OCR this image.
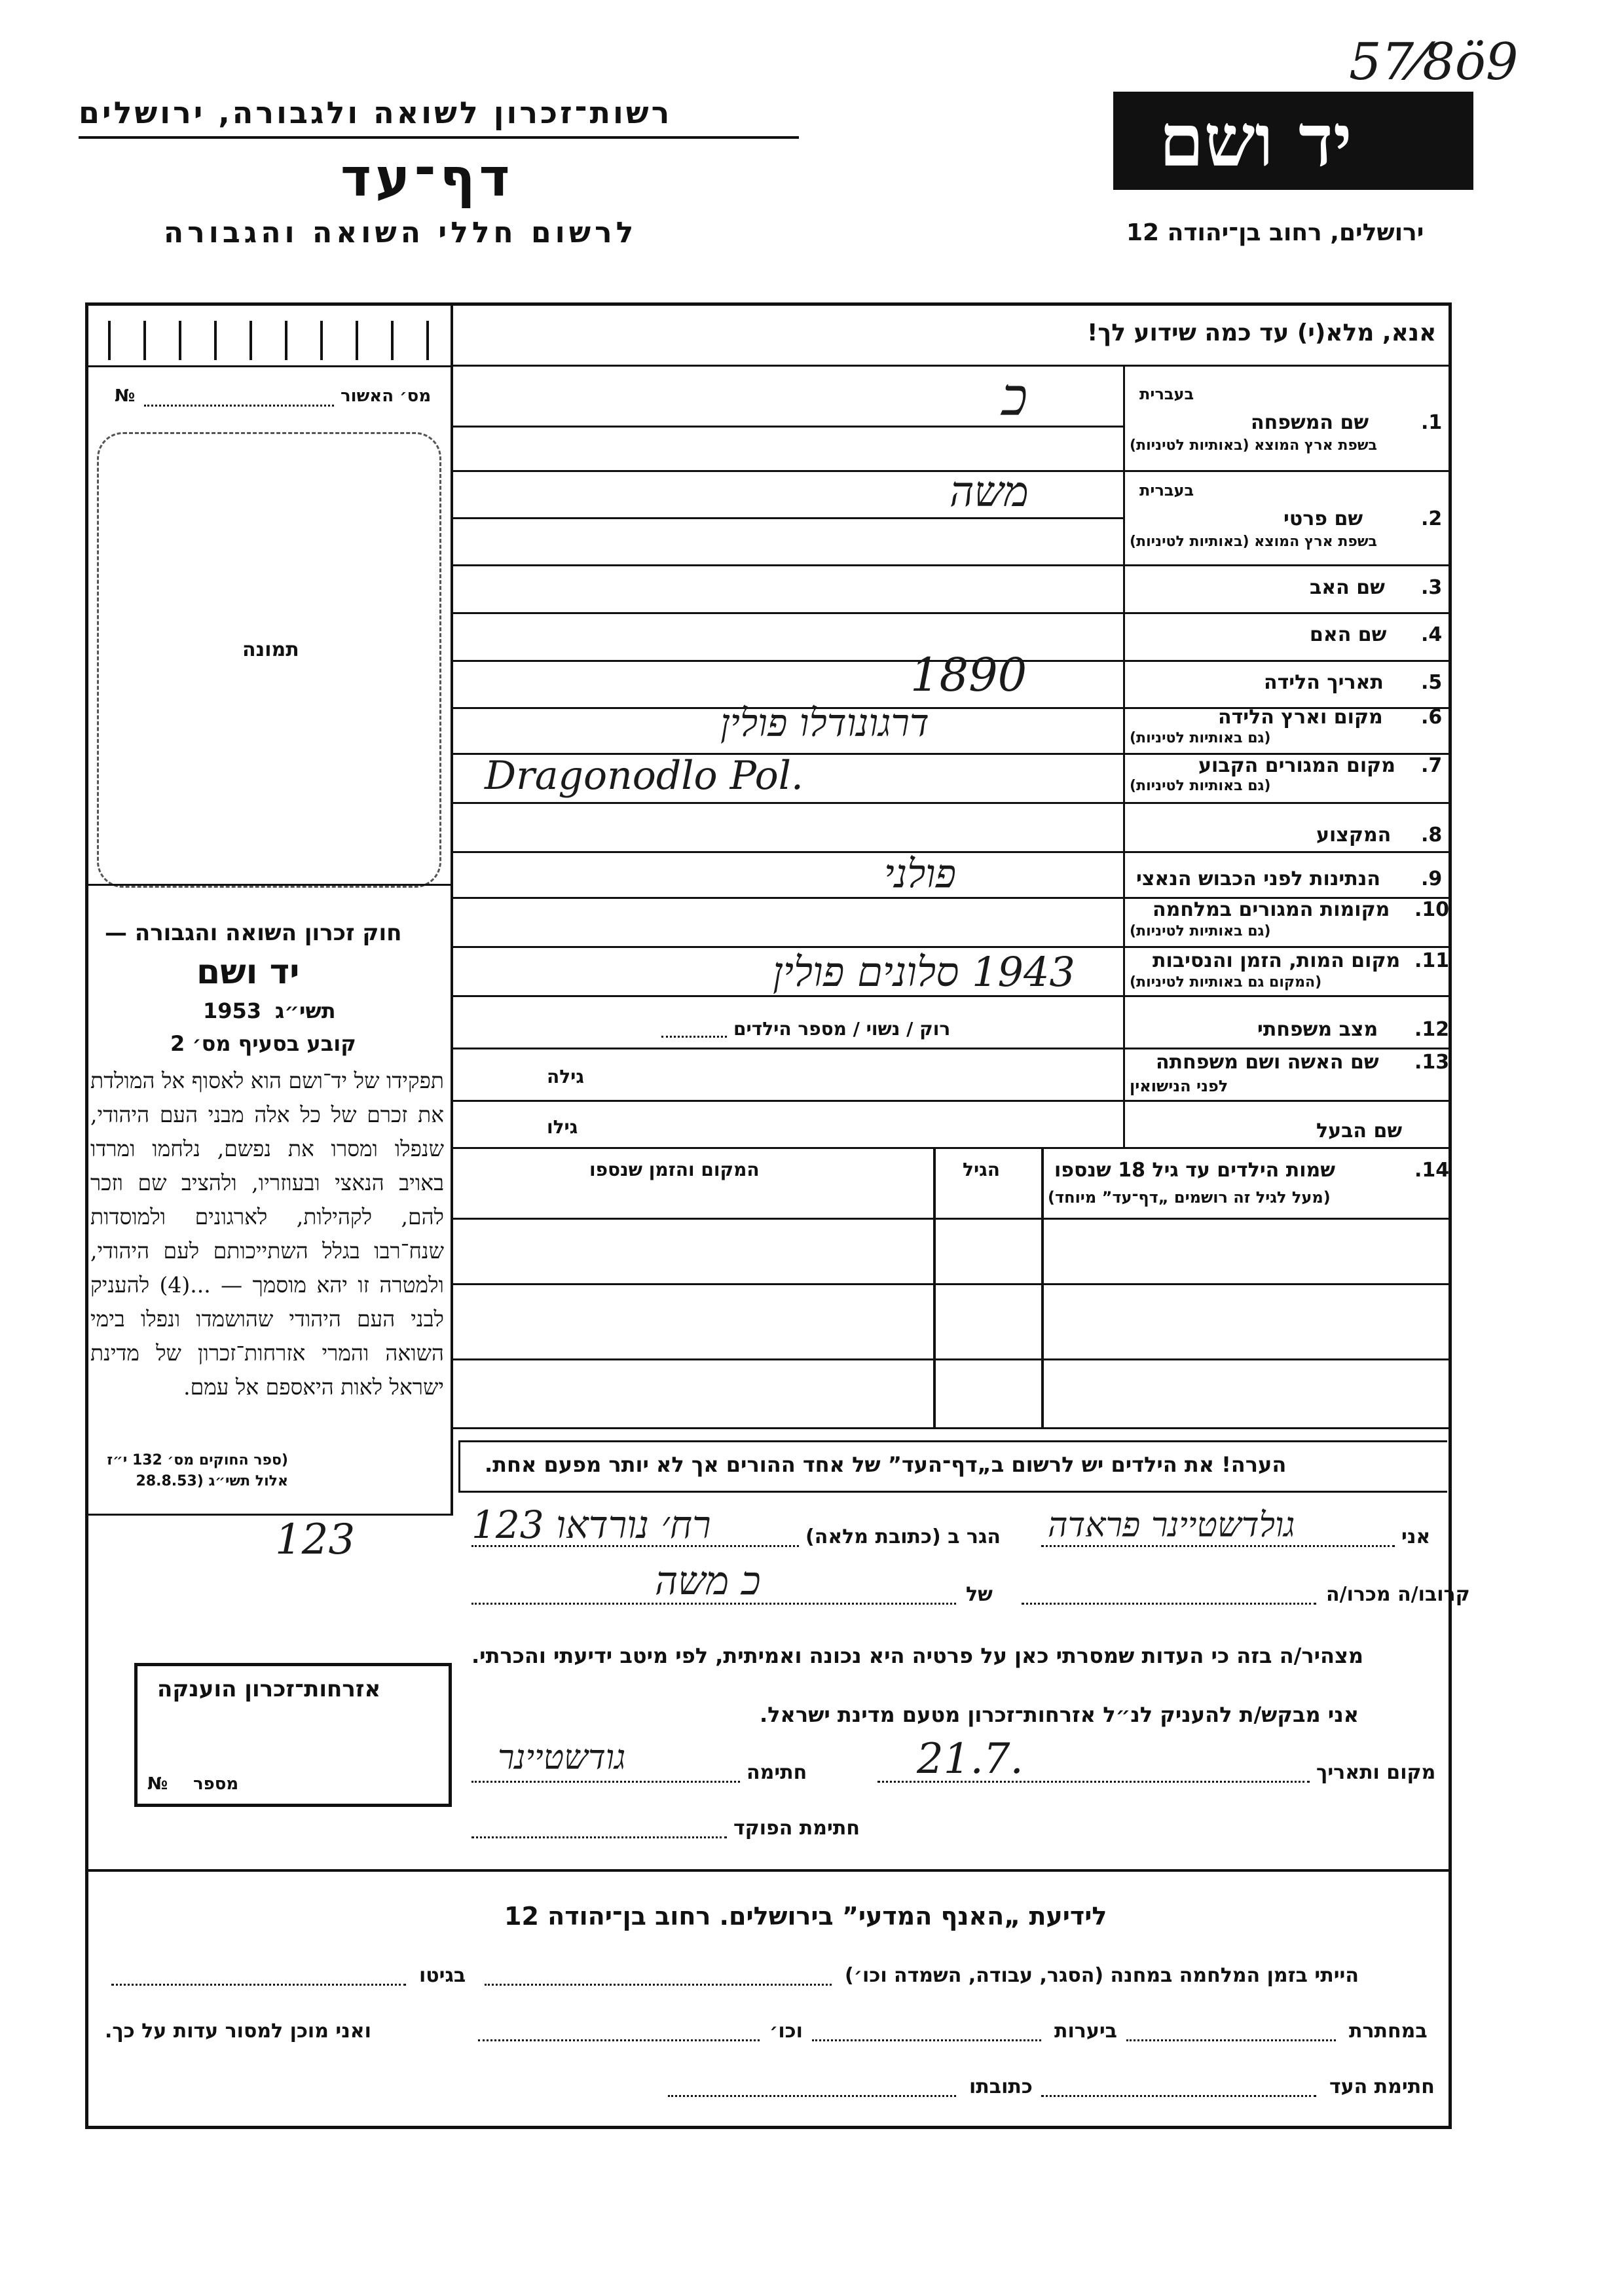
57⁄8ö9
רשות־זכרון לשואה ולגבורה, ירושלים
דף־עד
לרשום חללי השואה והגבורה
יד ושם
ירושלים, רחוב בן־יהודה 12
אנא, מלא(י) עד כמה שידוע לך!
מס׳ האשור
№
תמונה
בעברית
1.
שם המשפחה
בשפת ארץ המוצא (באותיות לטיניות)
כ
בעברית
2.
שם פרטי
בשפת ארץ המוצא (באותיות לטיניות)
משה
3.
שם האב
4.
שם האם
5.
תאריך הלידה
1890
6.
מקום וארץ הלידה
(גם באותיות לטיניות)
דרגונודלו פולין
7.
מקום המגורים הקבוע
(גם באותיות לטיניות)
Dragonodlo Pol.
8.
המקצוע
9.
הנתינות לפני הכבוש הנאצי
פולני
10.
מקומות המגורים במלחמה
(גם באותיות לטיניות)
11.
מקום המות, הזמן והנסיבות
(המקום גם באותיות לטיניות)
1943 סלונים פולין
12.
מצב משפחתי
רוק / נשוי / מספר הילדים
13.
שם האשה ושם משפחתה
לפני הנישואין
גילה
שם הבעל
גילו
14.
שמות הילדים עד גיל 18 שנספו
(מעל לגיל זה רושמים „דף־עד” מיוחד)
הגיל
המקום והזמן שנספו
הערה! את הילדים יש לרשום ב„דף־העד” של אחד ההורים אך לא יותר מפעם אחת.
חוק זכרון השואה והגבורה —
יד ושם
תשי״ג
1953
קובע בסעיף מס׳ 2
תפקידו של יד־ושם הוא לאסוף אל המולדת את זכרם של כל אלה מבני העם היהודי, שנפלו ומסרו את נפשם, נלחמו ומרדו באויב הנאצי ובעוזריו, ולהציב שם וזכר להם, לקהילות, לארגונים ולמוסדות שנח־רבו בגלל השתייכותם לעם היהודי, ולמטרה זו יהא מוסמך — ...(4) להעניק לבני העם היהודי שהושמדו ונפלו בימי השואה והמרי אזרחות־זכרון של מדינת ישראל לאות היאספם אל עמם.
(ספר החוקים מס׳ 132 י״ז אלול תשי״ג (28.8.53
123
אזרחות־זכרון הוענקה
מספר
№
אני
גולדשטיינר פראדה
הגר ב (כתובת מלאה)
רח׳ נורדאו 123
קרובו/ה מכרו/ה
של
כ משה
מצהיר/ה בזה כי העדות שמסרתי כאן על פרטיה היא נכונה ואמיתית, לפי מיטב ידיעתי והכרתי.
אני מבקש/ת להעניק לנ״ל אזרחות־זכרון מטעם מדינת ישראל.
מקום ותאריך
21.7.
חתימה
גודשטיינר
חתימת הפוקד
לידיעת „האנף המדעי” בירושלים. רחוב בן־יהודה 12
הייתי בזמן המלחמה במחנה (הסגר, עבודה, השמדה וכו׳)
בגיטו
במחתרת
ביערות
וכו׳
ואני מוכן למסור עדות על כך.
חתימת העד
כתובתו
